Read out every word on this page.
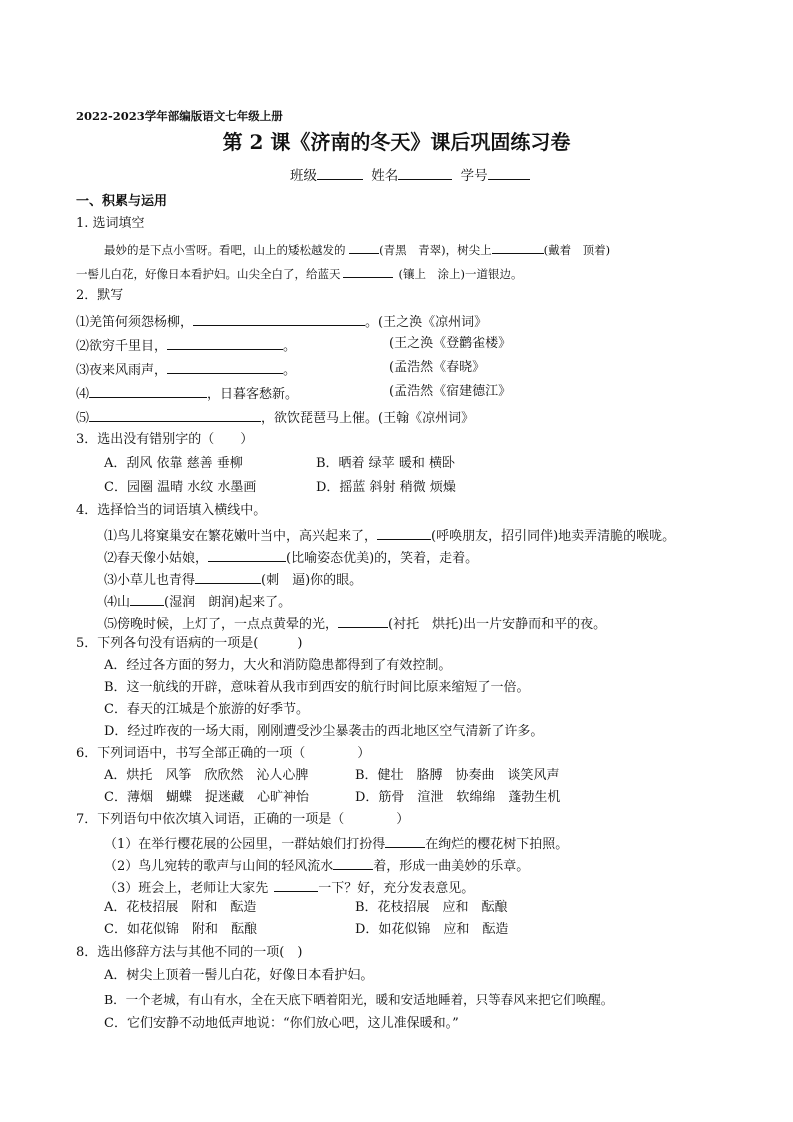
2022-2023学年部编版语文七年级上册
第 2 课《济南的冬天》课后巩固练习卷
班级	姓名	学号
一、积累与运用
1. 选词填空
最妙的是下点小雪呀。看吧，山上的矮松越发的	(青黑　青翠)，树尖上	(戴着　顶着)
一髻儿白花，好像日本看护妇。山尖全白了，给蓝天	(镶上　涂上)一道银边。
2．默写
⑴羌笛何须怨杨柳，	。(王之涣《凉州词》
⑵欲穷千里目，	。	(王之涣《登鹳雀楼》
⑶夜来风雨声，	。	(孟浩然《春晓》
⑷	，日暮客愁新。	(孟浩然《宿建德江》
⑸	，欲饮琵琶马上催。(王翰《凉州词》
3．选出没有错别字的（　　）
A．刮风 依靠 慈善 垂柳	B．晒着 绿苹 暖和 横卧
C．园圈 温晴 水纹 水墨画	D．摇蓝 斜射 稍微 烦燥
4．选择恰当的词语填入横线中。
⑴鸟儿将窠巢安在繁花嫩叶当中，高兴起来了，	(呼唤朋友，招引同伴)地卖弄清脆的喉咙。
⑵春天像小姑娘，	(比喻姿态优美)的，笑着，走着。
⑶小草儿也青得	(刺　逼)你的眼。
⑷山	(湿润　朗润)起来了。
⑸傍晚时候，上灯了，一点点黄晕的光，	(衬托　烘托)出一片安静而和平的夜。
5．下列各句没有语病的一项是(　　　)
A．经过各方面的努力，大火和消防隐患都得到了有效控制。
B．这一航线的开辟，意味着从我市到西安的航行时间比原来缩短了一倍。
C．春天的江城是个旅游的好季节。
D．经过昨夜的一场大雨，刚刚遭受沙尘暴袭击的西北地区空气清新了许多。
6．下列词语中，书写全部正确的一项（　　　　）
A．烘托　风筝　欣欣然　沁人心脾	B．健壮　胳膊　协奏曲　谈笑风声
C．薄烟　蝴蝶　捉迷藏　心旷神怡	D．筋骨　渲泄　软绵绵　蓬勃生机
7．下列语句中依次填入词语，正确的一项是（　　　　）
（1）在举行樱花展的公园里，一群姑娘们打扮得	在绚烂的樱花树下拍照。
（2）鸟儿宛转的歌声与山间的轻风流水	着，形成一曲美妙的乐章。
（3）班会上，老师让大家先	一下？好，充分发表意见。
A．花枝招展　附和　酝造	B．花枝招展　应和　酝酿
C．如花似锦　附和　酝酿	D．如花似锦　应和　酝造
8．选出修辞方法与其他不同的一项(　)
A．树尖上顶着一髻儿白花，好像日本看护妇。
B．一个老城，有山有水，全在天底下晒着阳光，暖和安适地睡着，只等春风来把它们唤醒。
C．它们安静不动地低声地说：“你们放心吧，这儿准保暖和。”
